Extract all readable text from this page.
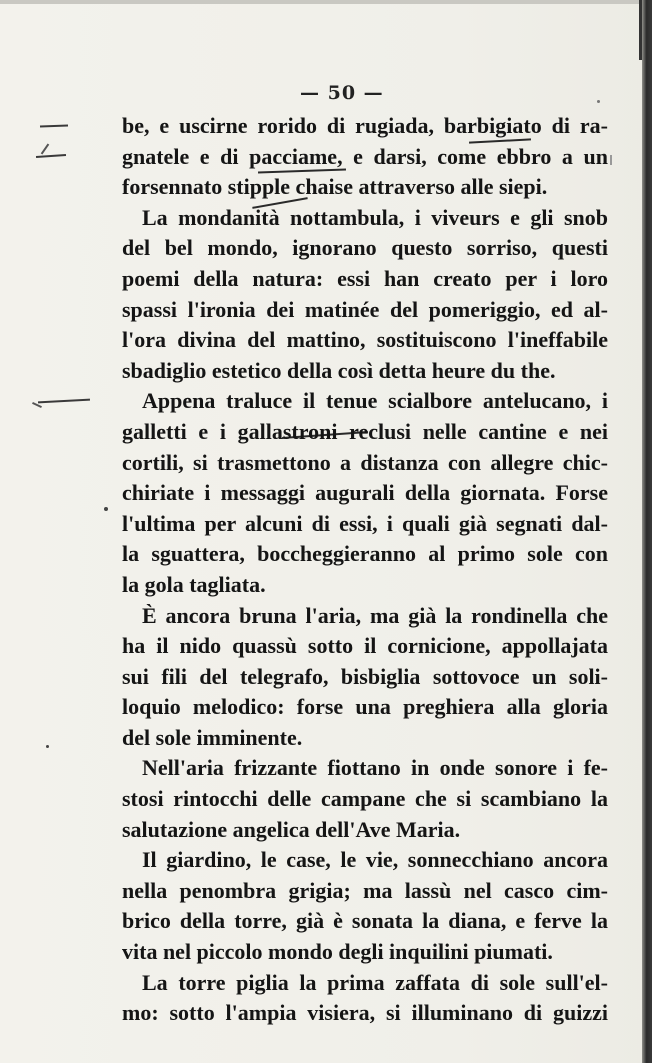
— 50 —
be, e uscirne rorido di rugiada, barbigiato di ra-
gnatele e di pacciame, e darsi, come ebbro a un
forsennato stipple chaise attraverso alle siepi.
La mondanità nottambula, i viveurs e gli snob
del bel mondo, ignorano questo sorriso, questi
poemi della natura: essi han creato per i loro
spassi l'ironia dei matinée del pomeriggio, ed al-
l'ora divina del mattino, sostituiscono l'ineffabile
sbadiglio estetico della così detta heure du the.
Appena traluce il tenue scialbore antelucano, i
galletti e i gallastroni reclusi nelle cantine e nei
cortili, si trasmettono a distanza con allegre chic-
chiriate i messaggi augurali della giornata. Forse
l'ultima per alcuni di essi, i quali già segnati dal-
la sguattera, boccheggieranno al primo sole con
la gola tagliata.
È ancora bruna l'aria, ma già la rondinella che
ha il nido quassù sotto il cornicione, appollajata
sui fili del telegrafo, bisbiglia sottovoce un soli-
loquio melodico: forse una preghiera alla gloria
del sole imminente.
Nell'aria frizzante fiottano in onde sonore i fe-
stosi rintocchi delle campane che si scambiano la
salutazione angelica dell'Ave Maria.
Il giardino, le case, le vie, sonnecchiano ancora
nella penombra grigia; ma lassù nel casco cim-
brico della torre, già è sonata la diana, e ferve la
vita nel piccolo mondo degli inquilini piumati.
La torre piglia la prima zaffata di sole sull'el-
mo: sotto l'ampia visiera, si illuminano di guizzi
